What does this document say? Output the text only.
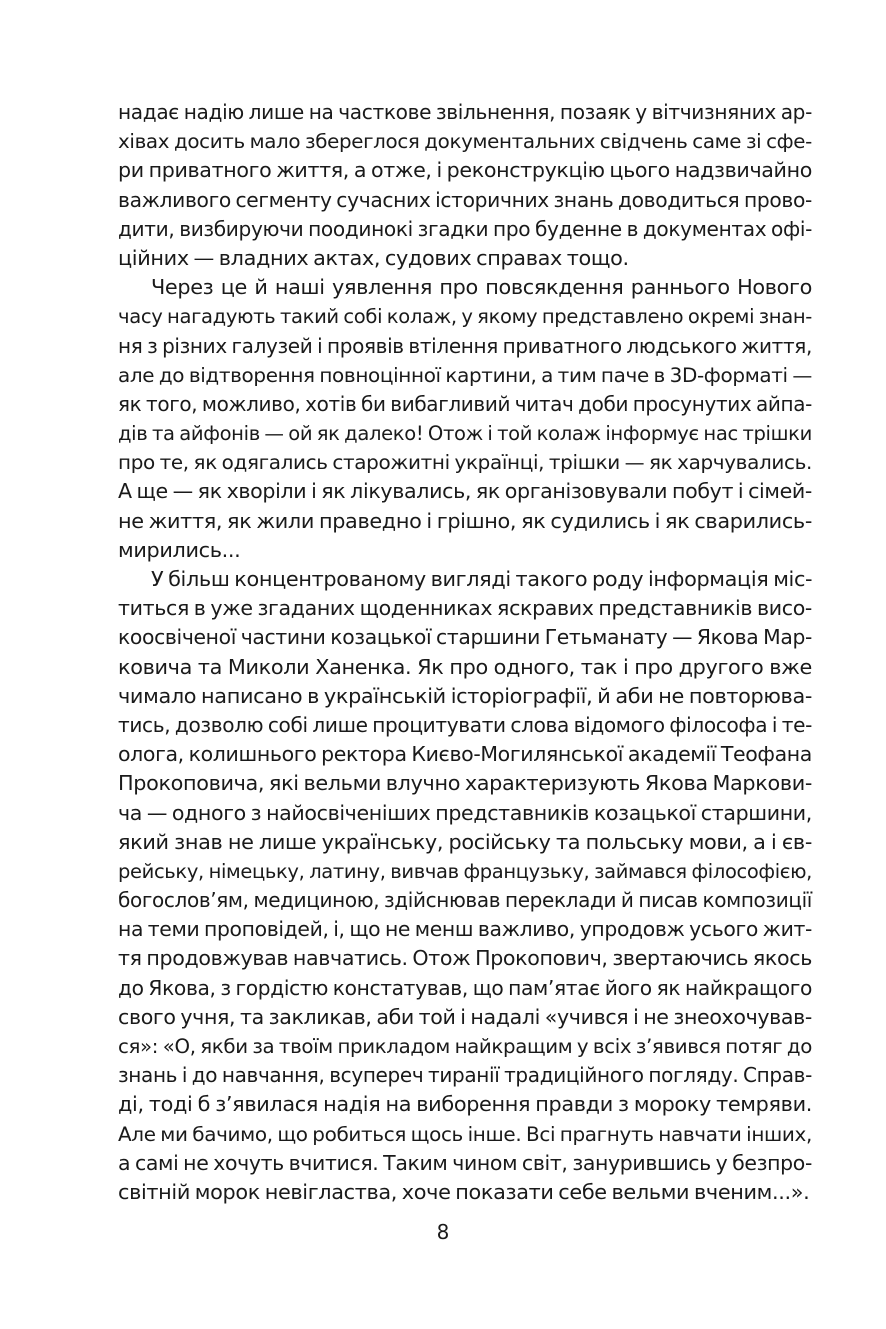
надає надію лише на часткове звільнення, позаяк у вітчизняних ар-
хівах досить мало збереглося документальних свідчень саме зі сфе-
ри приватного життя, а отже, і реконструкцію цього надзвичайно
важливого сегменту сучасних історичних знань доводиться прово-
дити, визбируючи поодинокі згадки про буденне в документах офі-
ційних — владних актах, судових справах тощо.
Через це й наші уявлення про повсякдення раннього Нового
часу нагадують такий собі колаж, у якому представлено окремі знан-
ня з різних галузей і проявів втілення приватного людського життя,
але до відтворення повноцінної картини, а тим паче в 3D-форматі —
як того, можливо, хотів би вибагливий читач доби просунутих айпа-
дів та айфонів — ой як далеко! Отож і той колаж інформує нас трішки
про те, як одягались старожитні українці, трішки — як харчувались.
А ще — як хворіли і як лікувались, як організовували побут і сімей-
не життя, як жили праведно і грішно, як судились і як сварились-
мирились...
У більш концентрованому вигляді такого роду інформація міс-
титься в уже згаданих щоденниках яскравих представників висо-
коосвіченої частини козацької старшини Гетьманату — Якова Мар-
ковича та Миколи Ханенка. Як про одного, так і про другого вже
чимало написано в українській історіографії, й аби не повторюва-
тись, дозволю собі лише процитувати слова відомого філософа і те-
олога, колишнього ректора Києво-Могилянської академії Теофана
Прокоповича, які вельми влучно характеризують Якова Маркови-
ча — одного з найосвіченіших представників козацької старшини,
який знав не лише українську, російську та польську мови, а і єв-
рейську, німецьку, латину, вивчав французьку, займався філософією,
богослов’ям, медициною, здійснював переклади й писав композиції
на теми проповідей, і, що не менш важливо, упродовж усього жит-
тя продовжував навчатись. Отож Прокопович, звертаючись якось
до Якова, з гордістю констатував, що пам’ятає його як найкращого
свого учня, та закликав, аби той і надалі «учився і не знеохочував-
ся»: «О, якби за твоїм прикладом найкращим у всіх з’явився потяг до
знань і до навчання, всупереч тиранії традиційного погляду. Справ-
ді, тоді б з’явилася надія на виборення правди з мороку темряви.
Але ми бачимо, що робиться щось інше. Всі прагнуть навчати інших,
а самі не хочуть вчитися. Таким чином світ, занурившись у безпро-
світній морок невігластва, хоче показати себе вельми вченим...».
8
